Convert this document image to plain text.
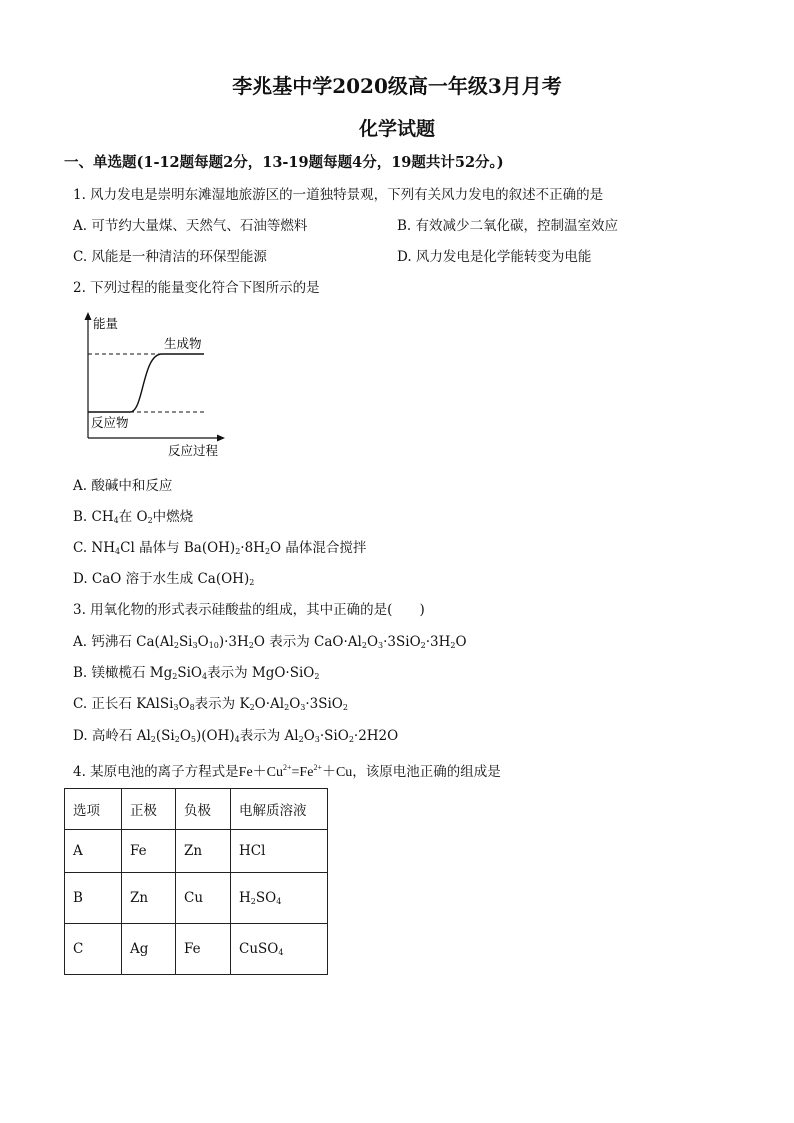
李兆基中学2020级高一年级3月月考
化学试题
一、单选题(1-12题每题2分，13-19题每题4分，19题共计52分。)
1. 风力发电是崇明东滩湿地旅游区的一道独特景观，下列有关风力发电的叙述不正确的是
A. 可节约大量煤、天然气、石油等燃料	B. 有效减少二氧化碳，控制温室效应
C. 风能是一种清洁的环保型能源	D. 风力发电是化学能转变为电能
2. 下列过程的能量变化符合下图所示的是
能量
生成物
反应物
反应过程
A. 酸碱中和反应
B. $CH_4$在 $O_2$中燃烧
C. $NH_4Cl$ 晶体与 $Ba(OH)_2\cdot 8H_2O$ 晶体混合搅拌
D. CaO 溶于水生成 $Ca(OH)_2$
3. 用氧化物的形式表示硅酸盐的组成，其中正确的是(　　)
A. 钙沸石 $Ca(Al_2Si_3O_{10})\cdot 3H_2O$ 表示为 $CaO\cdot Al_2O_3\cdot 3SiO_2\cdot 3H_2O$
B. 镁橄榄石 $Mg_2SiO_4$表示为 MgO·SiO$_2$
C. 正长石 $KAlSi_3O_8$表示为 $K_2O\cdot Al_2O_3\cdot 3SiO_2$
D. 高岭石 $Al_2(Si_2O_5)(OH)_4$表示为 $Al_2O_3\cdot SiO_2\cdot 2H2O$
4. 某原电池的离子方程式是$Fe+Cu^{2+}=Fe^{2+}+Cu$，该原电池正确的组成是
选项	正极	负极	电解质溶液
A	Fe	Zn	HCl
B	Zn	Cu	$H_2SO_4$
C	Ag	Fe	CuSO$_4$
